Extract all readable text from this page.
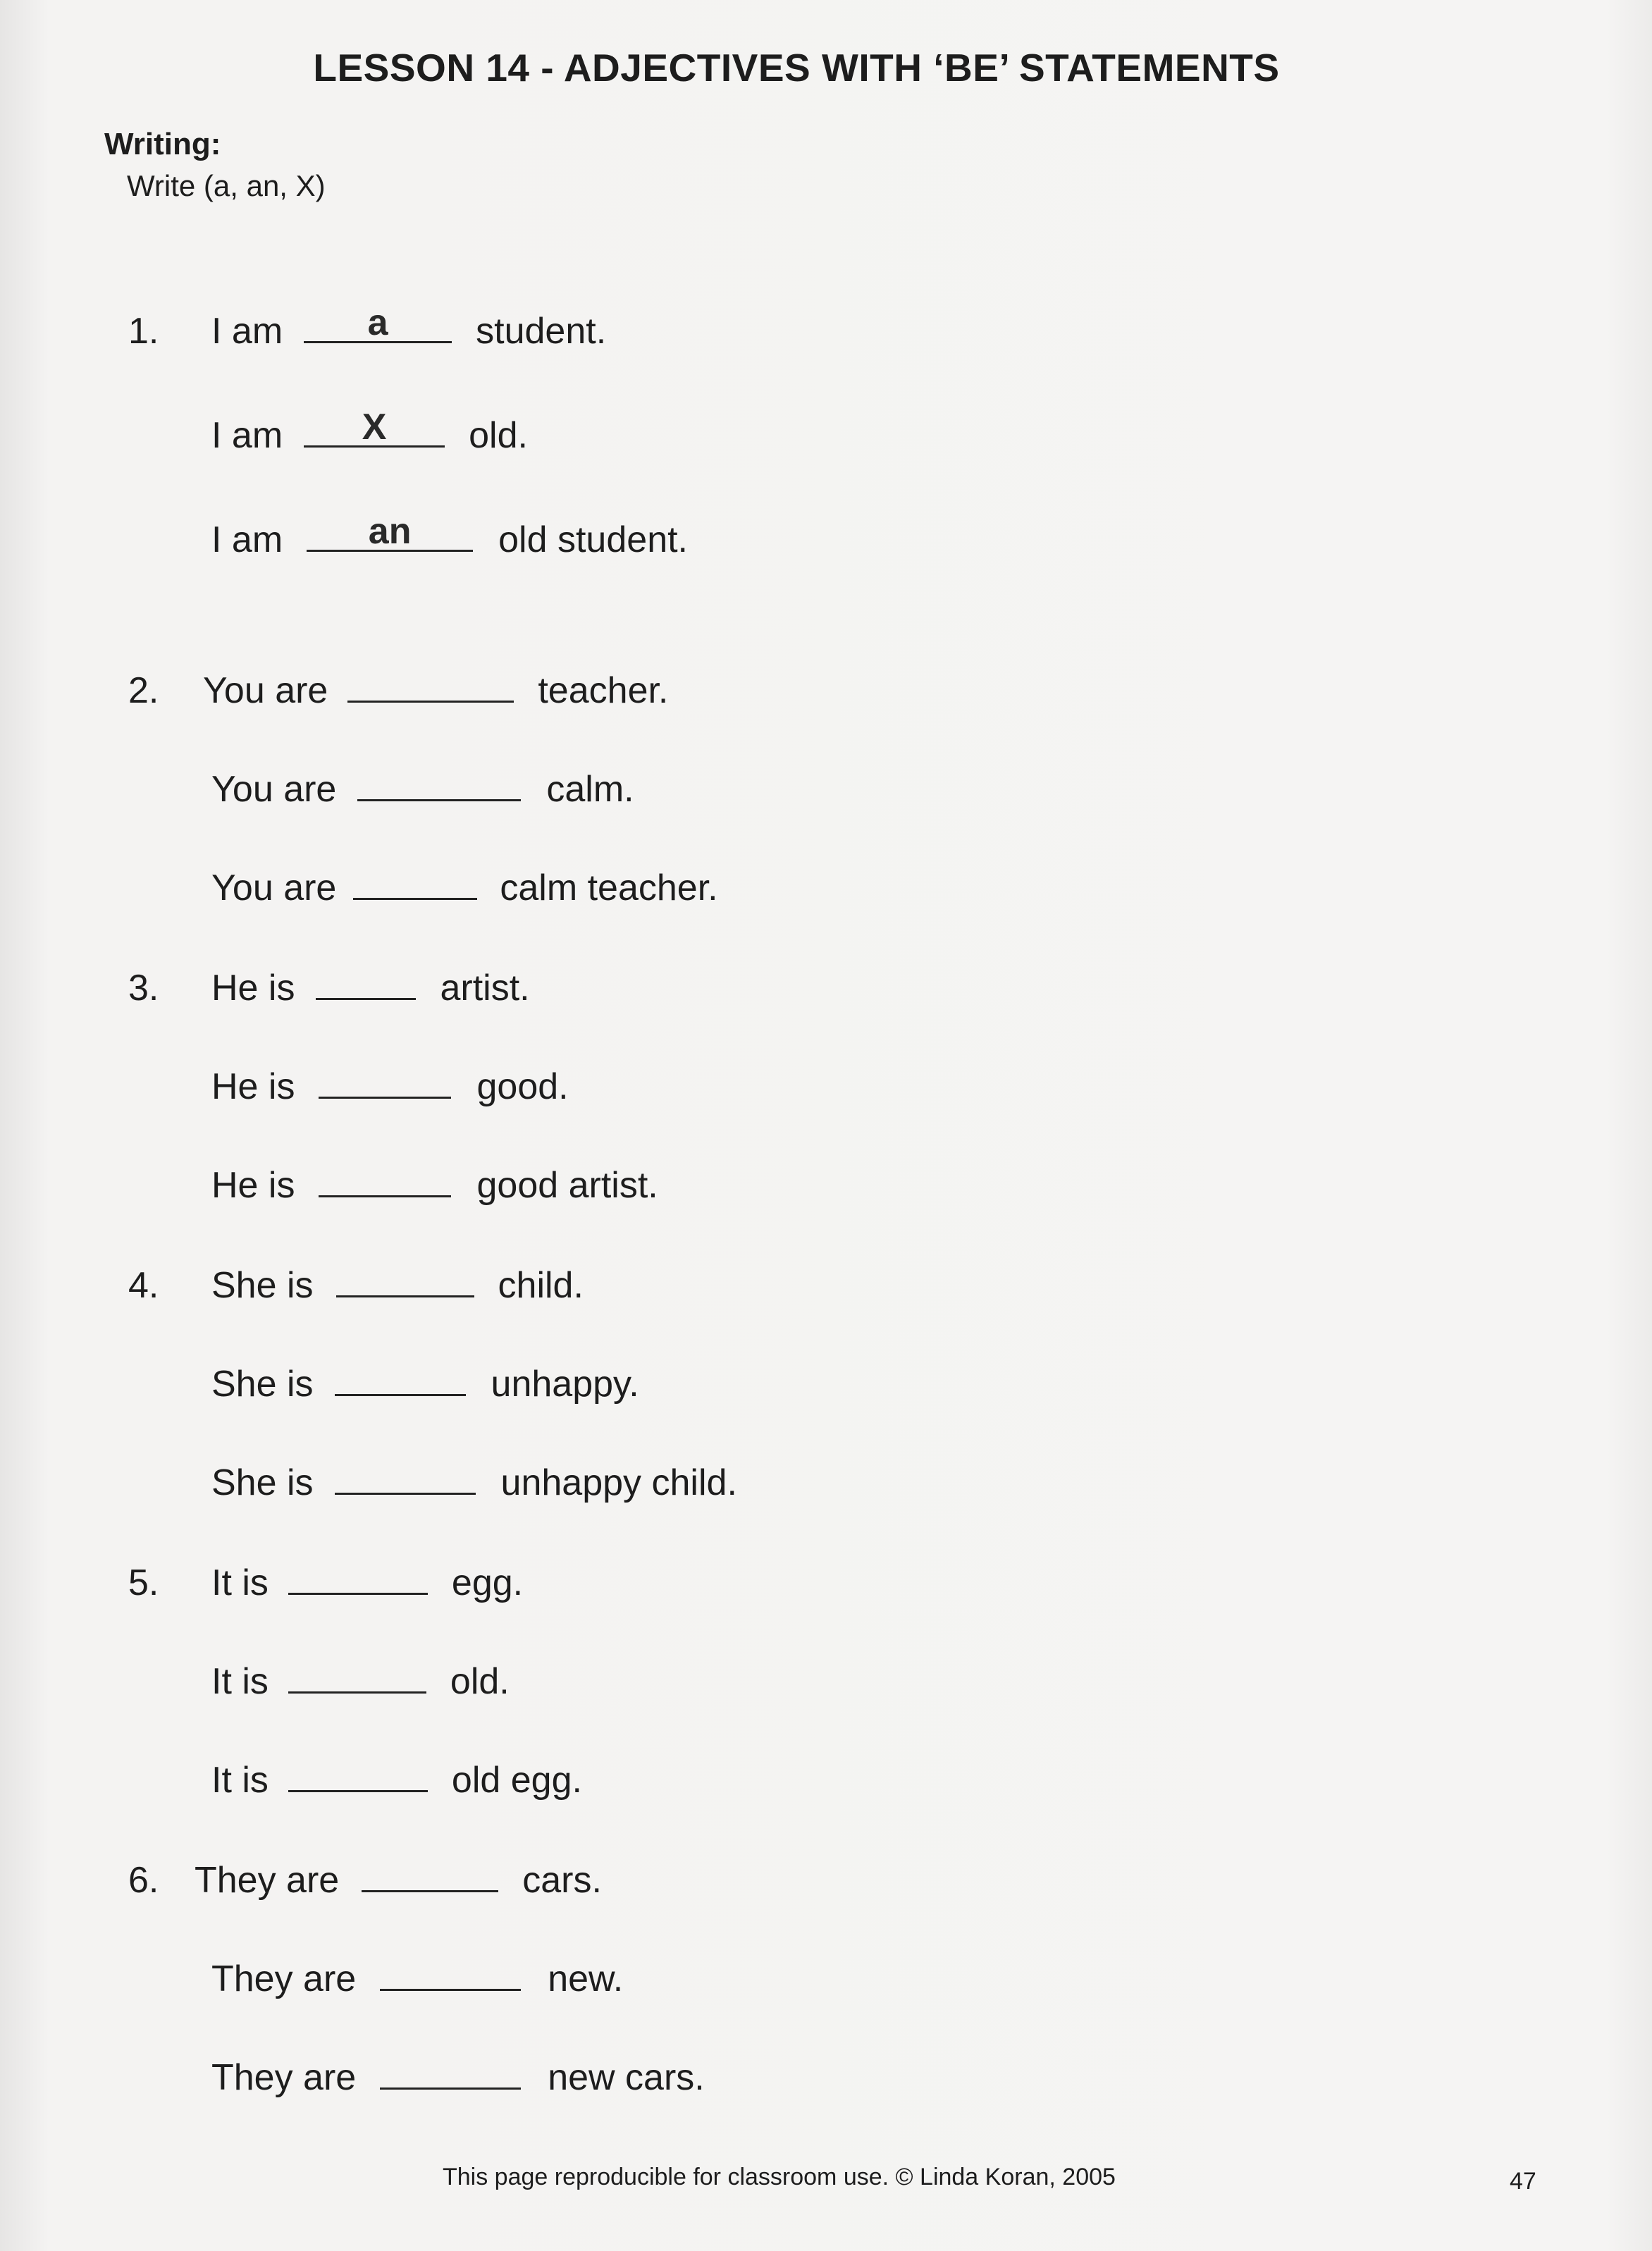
LESSON 14 - ADJECTIVES WITH ‘BE’ STATEMENTS
Writing:
Write (a, an, X)
1.	I am	a	student.
I am	X	old.
I am	an	old student.
2.	You are	teacher.
You are	calm.
You are	calm teacher.
3.	He is	artist.
He is	good.
He is	good artist.
4.	She is	child.
She is	unhappy.
She is	unhappy child.
5.	It is	egg.
It is	old.
It is	old egg.
6. They are	cars.
They are	new.
They are	new cars.
This page reproducible for classroom use. © Linda Koran, 2005	47
